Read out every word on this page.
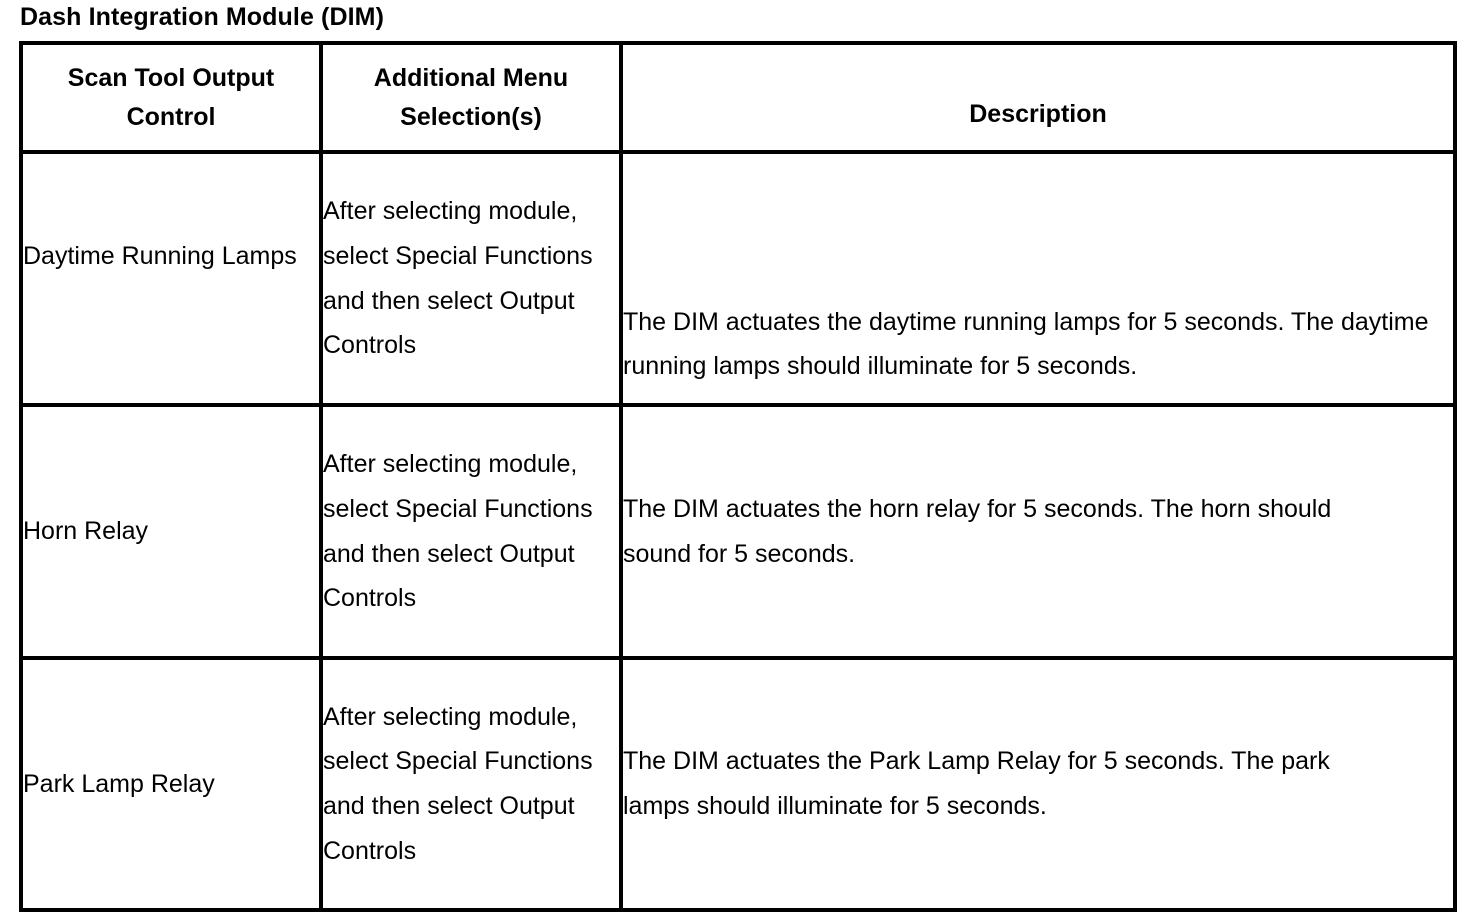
Dash Integration Module (DIM)
Scan Tool Output Control	Additional Menu Selection(s)	Description

Daytime Running Lamps	After selecting module, select Special Functions and then select Output Controls	The DIM actuates the daytime running lamps for 5 seconds. The daytime running lamps should illuminate for 5 seconds.

Horn Relay	After selecting module, select Special Functions and then select Output Controls	The DIM actuates the horn relay for 5 seconds. The horn should sound for 5 seconds.

Park Lamp Relay	After selecting module, select Special Functions and then select Output Controls	The DIM actuates the Park Lamp Relay for 5 seconds. The park lamps should illuminate for 5 seconds.
